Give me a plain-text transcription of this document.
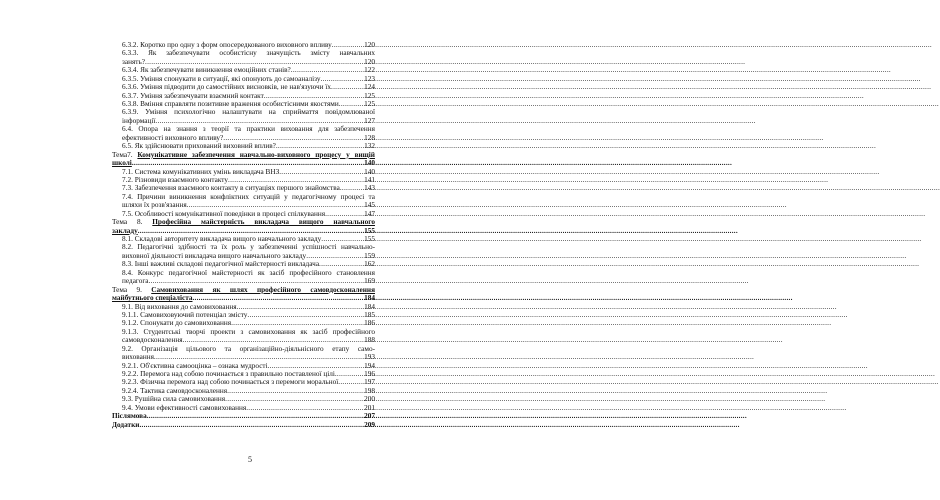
6.3.2. Коротко про одну з форм опосередкованого виховного впливу .....	120
6.3.3. Як забезпечувати особистісну значущість змісту навчальних
занять? .....	120
6.3.4. Як забезпечувати виникнення емоційних станів? .....	122
6.3.5. Уміння спонукати в ситуації, які опонують до самоаналізу .....	123
6.3.6. Уміння підводити до самостійних висновків, не нав'язуючи їх .....	124
6.3.7. Уміння забезпечувати взаємний контакт .....	125
6.3.8. Вміння справляти позитивне враження особистісними якостями .....	125
6.3.9. Уміння психологічно налаштувати на сприймаття повідомлюваної
інформації .....	127
6.4. Опора на знання з теорії та практики виховання для забезпечення
ефективності виховного впливу? .....	128
6.5. Як здійснювати прихований виховний вплив? .....	132
Тема7. Комунікативне забезпечення навчально-виховного процесу у вищій
школі .....	140
7.1. Система комунікативних умінь викладача ВНЗ .....	140
7.2. Різновиди взаємного контакту .....	141
7.3. Забезпечення взаємного контакту в ситуаціях першого знайомства .....	143
7.4. Причини виникнення конфліктних ситуацій у педагогічному процесі та
шляхи їх розв'язання .....	145
7.5. Особливості комунікативної поведінки в процесі спілкування .....	147
Тема 8. Професійна майстерність викладача вищого навчального
закладу .....	155
8.1. Складові авторитету викладача вищого навчального закладу .....	155
8.2. Педагогічні здібності та їх роль у забезпеченні успішності навчально-
виховної діяльності викладача вищого навчального закладу .....	159
8.3. Інші важливі складові педагогічної майстерності викладача .....	162
8.4. Конкурс педагогічної майстерності як засіб професійного становлення
педагога .....	169
Тема 9. Самовиховання як шлях професійного самовдосконалення
майбутнього спеціаліста .....	184
9.1. Від виховання до самовиховання .....	184
9.1.1. Самовиховуючий потенціал змісту .....	185
9.1.2. Спонукати до самовиховання .....	186
9.1.3. Студентські творчі проекти з самовиховання як засіб професійного
самовдосконалення .....	188
9.2. Організація цільового та організаційно-діяльнісного етапу само-
виховання .....	193
9.2.1. Об'єктивна самооцінка – ознака мудрості .....	194
9.2.2. Перемога над собою починається з правильно поставленої цілі .....	196
9.2.3. Фізична перемога над собою починається з перемоги моральної .....	197
9.2.4. Тактика самовдосконалення .....	198
9.3. Рушійна сила самовиховання .....	200
9.4. Умови ефективності самовиховання .....	201
Післямова .....	207
Додатки .....	209
5
